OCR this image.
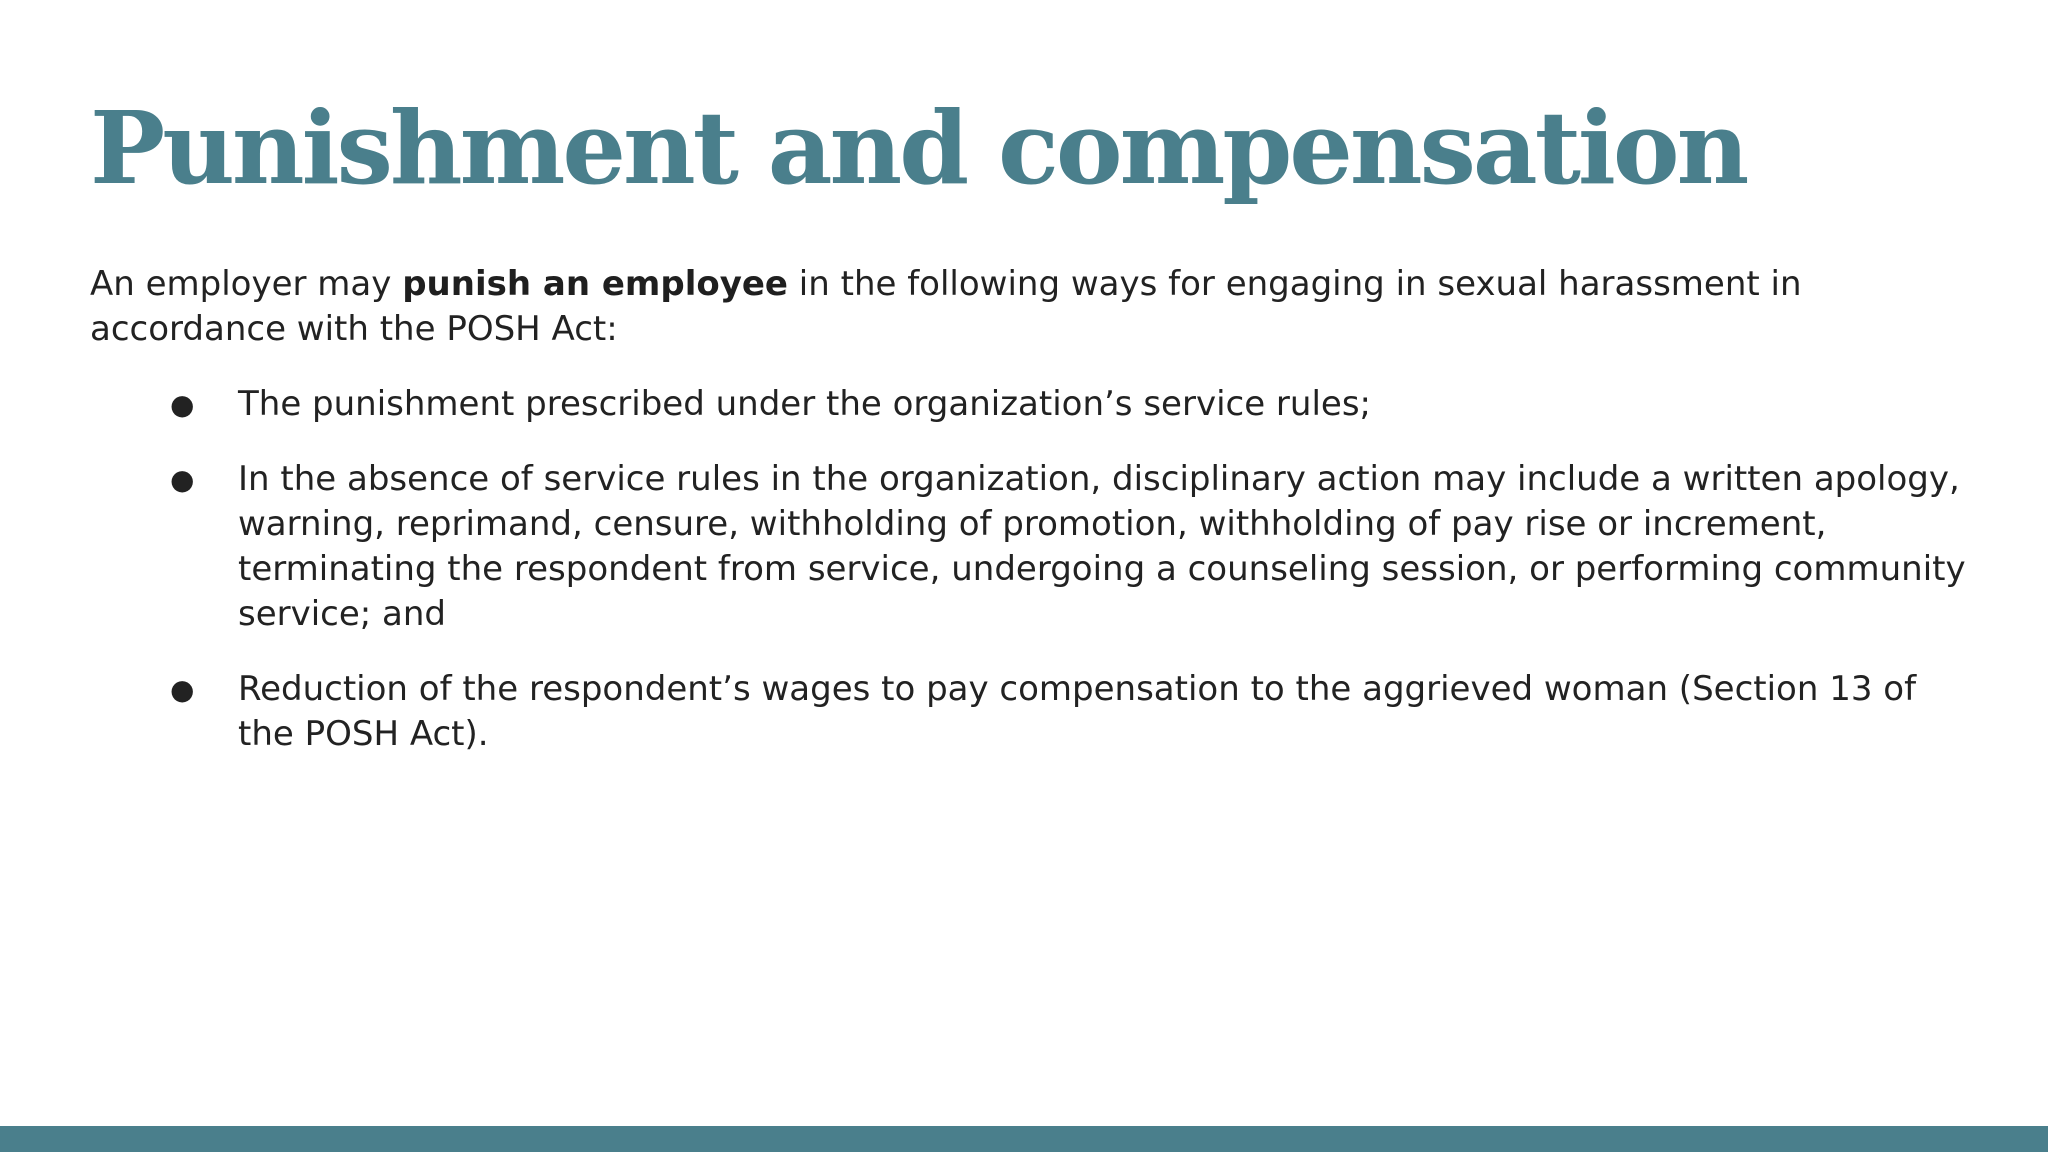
Punishment and compensation

An employer may punish an employee in the following ways for engaging in sexual harassment in accordance with the POSH Act:

● The punishment prescribed under the organization’s service rules;
● In the absence of service rules in the organization, disciplinary action may include a written apology, warning, reprimand, censure, withholding of promotion, withholding of pay rise or increment, terminating the respondent from service, undergoing a counseling session, or performing community service; and
● Reduction of the respondent’s wages to pay compensation to the aggrieved woman (Section 13 of the POSH Act).
